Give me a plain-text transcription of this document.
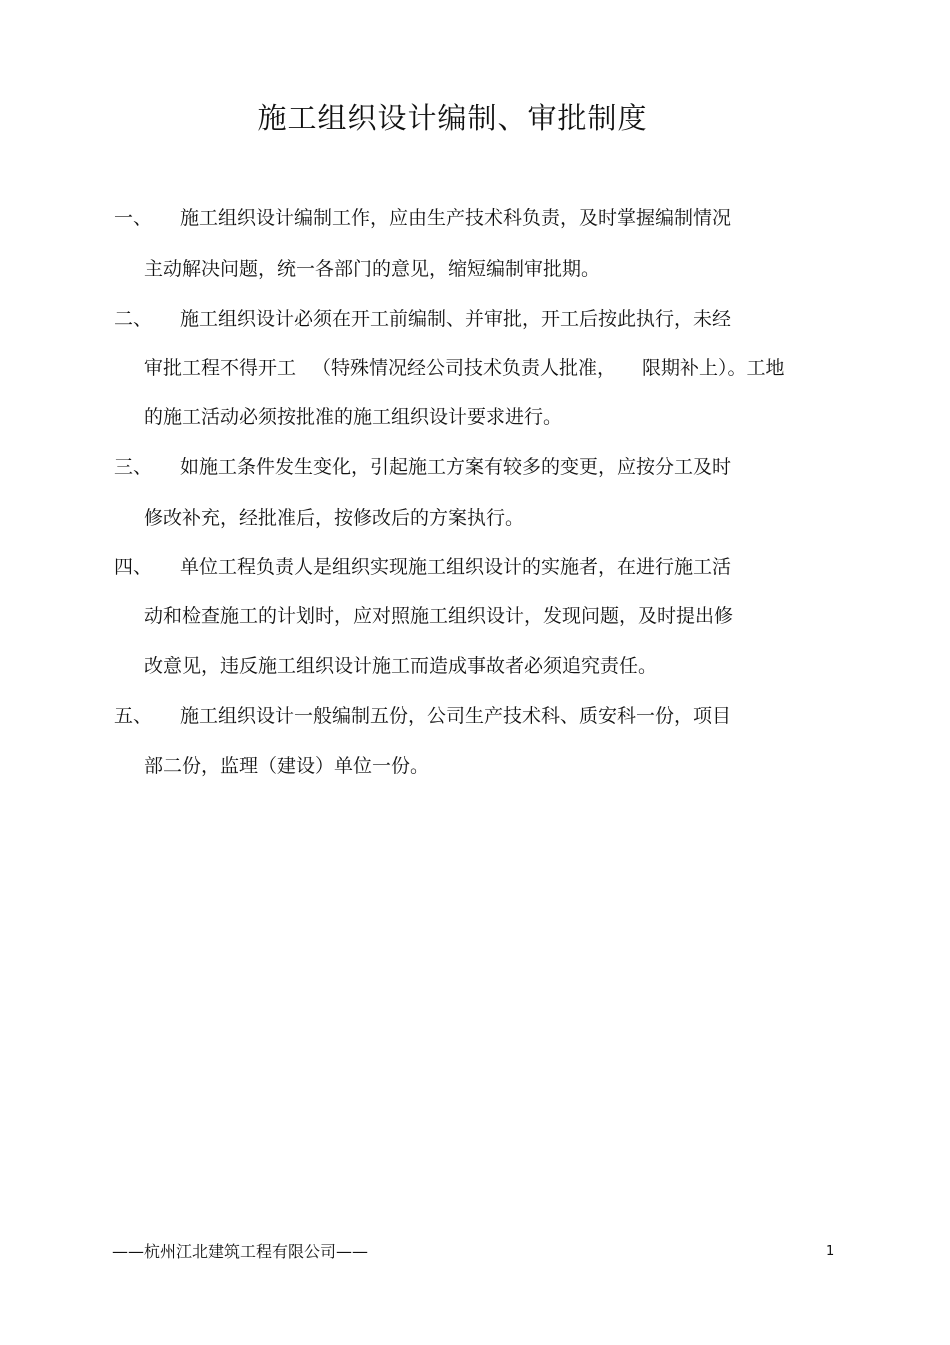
施工组织设计编制、审批制度
一、 施工组织设计编制工作，应由生产技术科负责，及时掌握编制情况
主动解决问题，统一各部门的意见，缩短编制审批期。
二、 施工组织设计必须在开工前编制、并审批，开工后按此执行，未经
审批工程不得开工 （特殊情况经公司技术负责人批准， 限期补上）。工地
的施工活动必须按批准的施工组织设计要求进行。
三、 如施工条件发生变化，引起施工方案有较多的变更，应按分工及时
修改补充，经批准后，按修改后的方案执行。
四、 单位工程负责人是组织实现施工组织设计的实施者，在进行施工活
动和检查施工的计划时，应对照施工组织设计，发现问题，及时提出修
改意见，违反施工组织设计施工而造成事故者必须追究责任。
五、 施工组织设计一般编制五份，公司生产技术科、质安科一份，项目
部二份，监理（建设）单位一份。
——杭州江北建筑工程有限公司——	1
